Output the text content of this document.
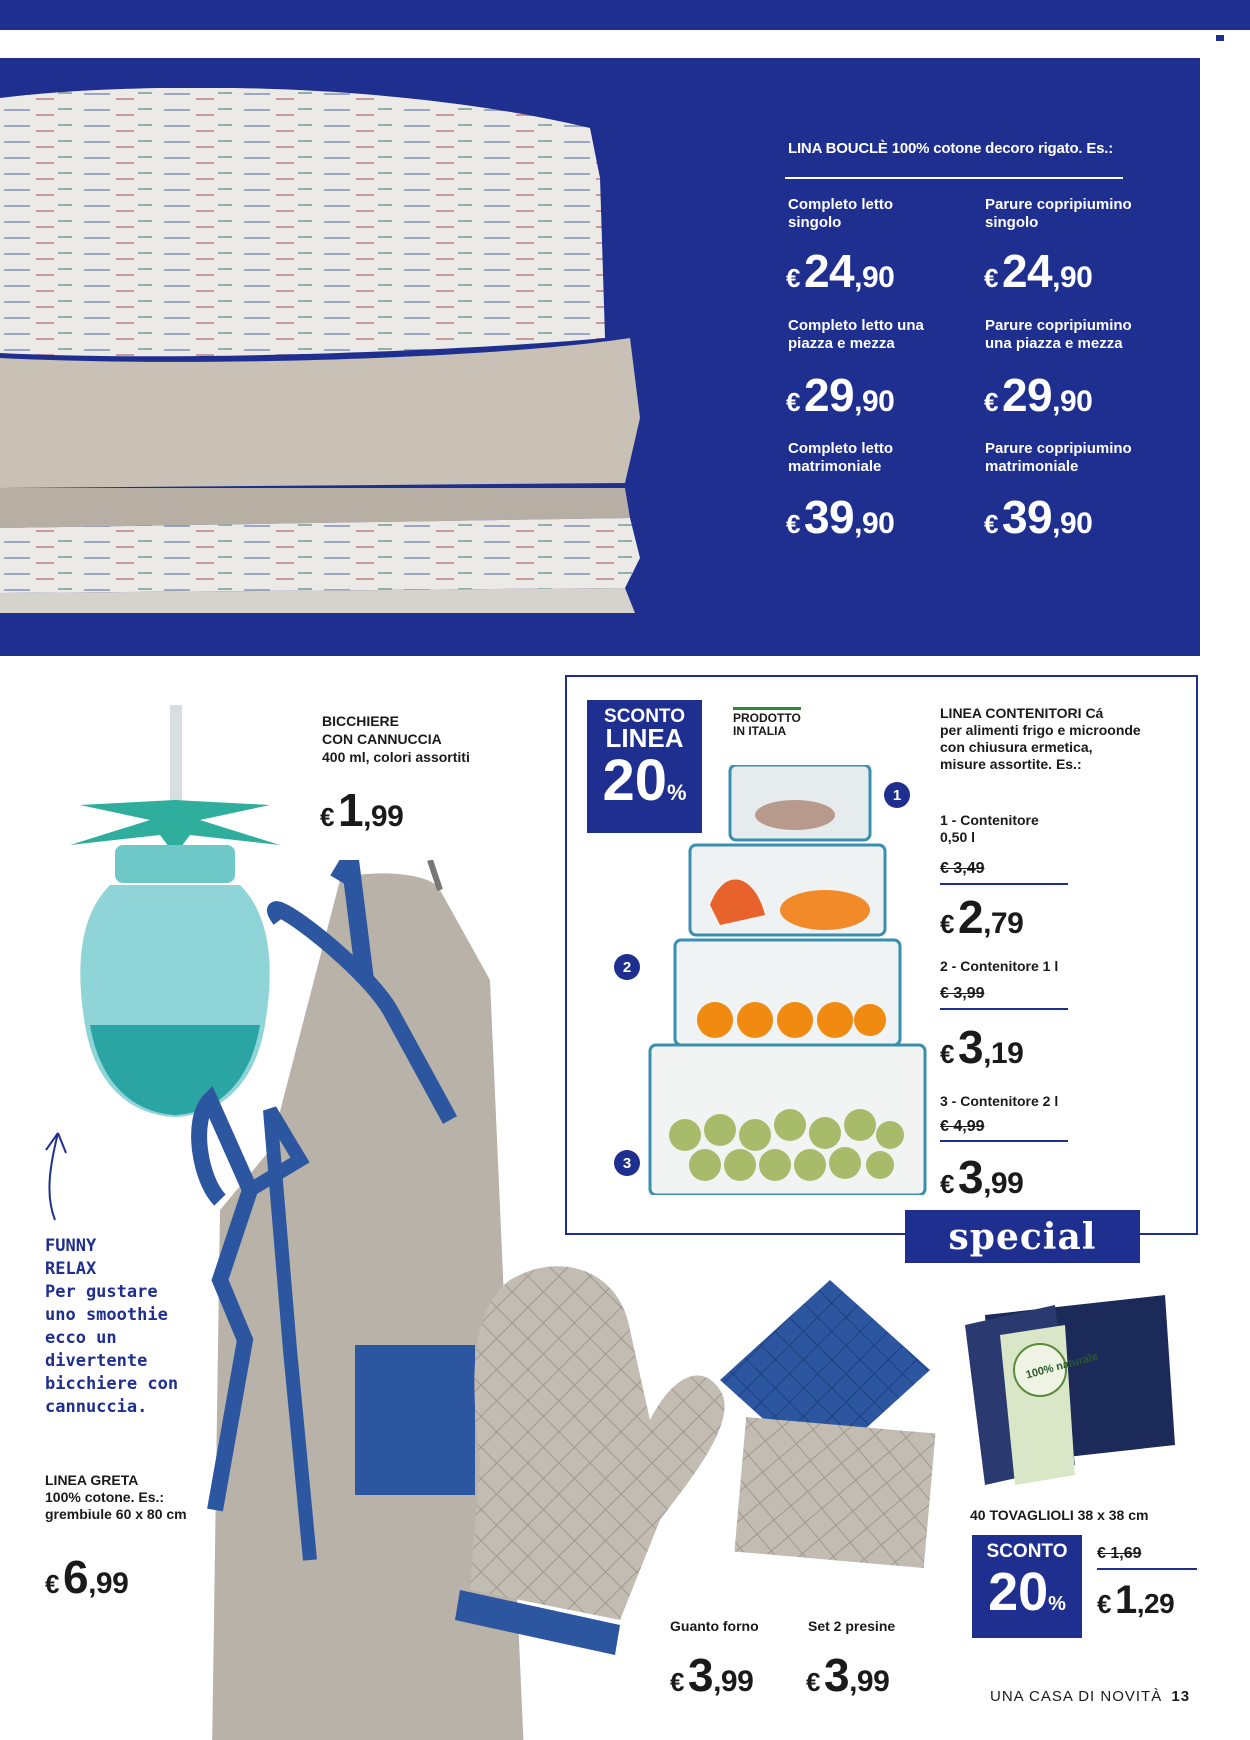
LINA BOUCLÈ 100% cotone decoro rigato. Es.:
Completo letto singolo
Parure copripiumino singolo
€24,90	€24,90
Completo letto una piazza e mezza
Parure copripiumino una piazza e mezza
€29,90	€29,90
Completo letto matrimoniale
Parure copripiumino matrimoniale
€39,90	€39,90
BICCHIERE
CON CANNUCCIA
400 ml, colori assortiti
€1,99
FUNNY
RELAX
Per gustare
uno smoothie
ecco un
divertente
bicchiere con
cannuccia.
LINEA GRETA
100% cotone. Es.:
grembiule 60 x 80 cm
€6,99
SCONTO
LINEA
20%
PRODOTTO
IN ITALIA
LINEA CONTENITORI Cá
per alimenti frigo e microonde
con chiusura ermetica,
misure assortite. Es.:
1
2
3
1 - Contenitore
0,50 l
€ 3,49
€2,79
2 - Contenitore 1 l
€ 3,99
€3,19
3 - Contenitore 2 l
€ 4,99
€3,99
special
Guanto forno	Set 2 presine
€3,99 €3,99
100% naturale
40 TOVAGLIOLI 38 x 38 cm
SCONTO
20%
€ 1,69
€ 1,29
UNA CASA DI NOVITÀ 13
